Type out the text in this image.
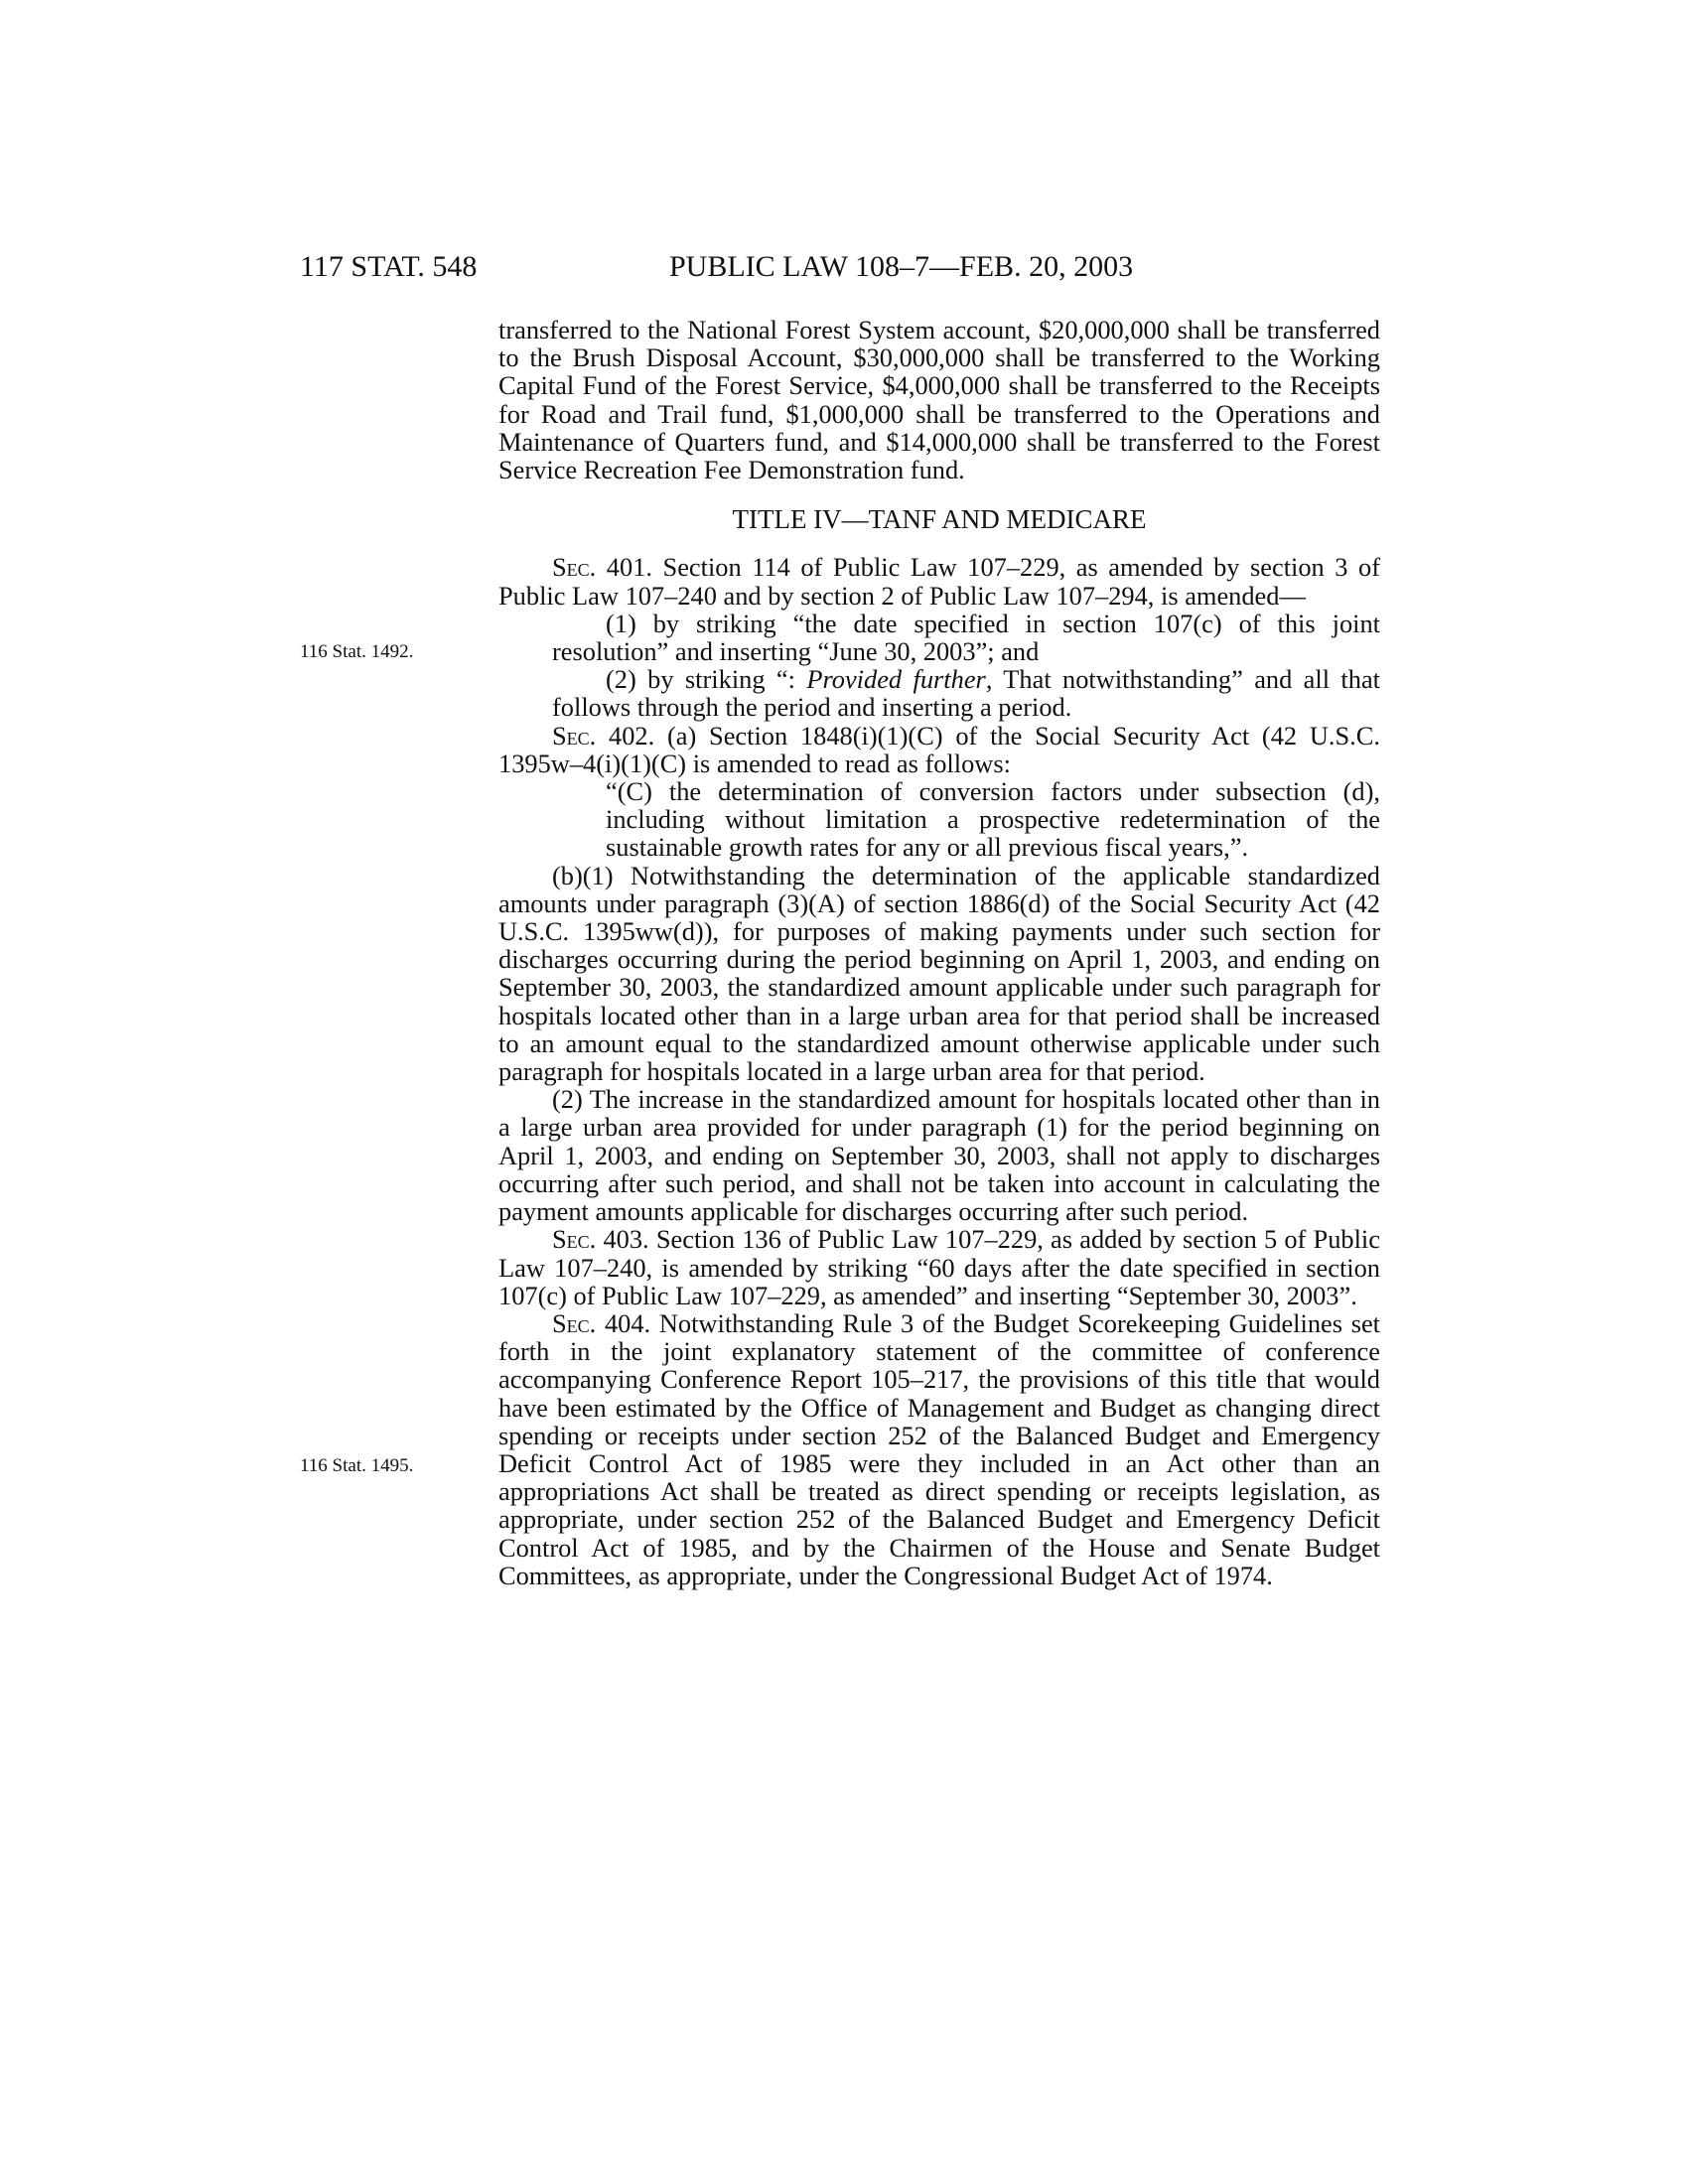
117 STAT. 548	PUBLIC LAW 108–7—FEB. 20, 2003
116 Stat. 1492.
116 Stat. 1495.

transferred to the National Forest System account, $20,000,000 shall be transferred to the Brush Disposal Account, $30,000,000 shall be transferred to the Working Capital Fund of the Forest Service, $4,000,000 shall be transferred to the Receipts for Road and Trail fund, $1,000,000 shall be transferred to the Operations and Maintenance of Quarters fund, and $14,000,000 shall be transferred to the Forest Service Recreation Fee Demonstration fund.

TITLE IV—TANF AND MEDICARE

Sec. 401. Section 114 of Public Law 107–229, as amended by section 3 of Public Law 107–240 and by section 2 of Public Law 107–294, is amended—

(1) by striking “the date specified in section 107(c) of this joint resolution” and inserting “June 30, 2003”; and

(2) by striking “: Provided further, That notwithstanding” and all that follows through the period and inserting a period.

Sec. 402. (a) Section 1848(i)(1)(C) of the Social Security Act (42 U.S.C. 1395w–4(i)(1)(C) is amended to read as follows:

“(C) the determination of conversion factors under subsection (d), including without limitation a prospective redetermination of the sustainable growth rates for any or all previous fiscal years,”.

(b)(1) Notwithstanding the determination of the applicable standardized amounts under paragraph (3)(A) of section 1886(d) of the Social Security Act (42 U.S.C. 1395ww(d)), for purposes of making payments under such section for discharges occurring during the period beginning on April 1, 2003, and ending on September 30, 2003, the standardized amount applicable under such paragraph for hospitals located other than in a large urban area for that period shall be increased to an amount equal to the standardized amount otherwise applicable under such paragraph for hospitals located in a large urban area for that period.

(2) The increase in the standardized amount for hospitals located other than in a large urban area provided for under paragraph (1) for the period beginning on April 1, 2003, and ending on September 30, 2003, shall not apply to discharges occurring after such period, and shall not be taken into account in calculating the payment amounts applicable for discharges occurring after such period.

Sec. 403. Section 136 of Public Law 107–229, as added by section 5 of Public Law 107–240, is amended by striking “60 days after the date specified in section 107(c) of Public Law 107–229, as amended” and inserting “September 30, 2003”.

Sec. 404. Notwithstanding Rule 3 of the Budget Scorekeeping Guidelines set forth in the joint explanatory statement of the committee of conference accompanying Conference Report 105–217, the provisions of this title that would have been estimated by the Office of Management and Budget as changing direct spending or receipts under section 252 of the Balanced Budget and Emergency Deficit Control Act of 1985 were they included in an Act other than an appropriations Act shall be treated as direct spending or receipts legislation, as appropriate, under section 252 of the Balanced Budget and Emergency Deficit Control Act of 1985, and by the Chairmen of the House and Senate Budget Committees, as appropriate, under the Congressional Budget Act of 1974.
